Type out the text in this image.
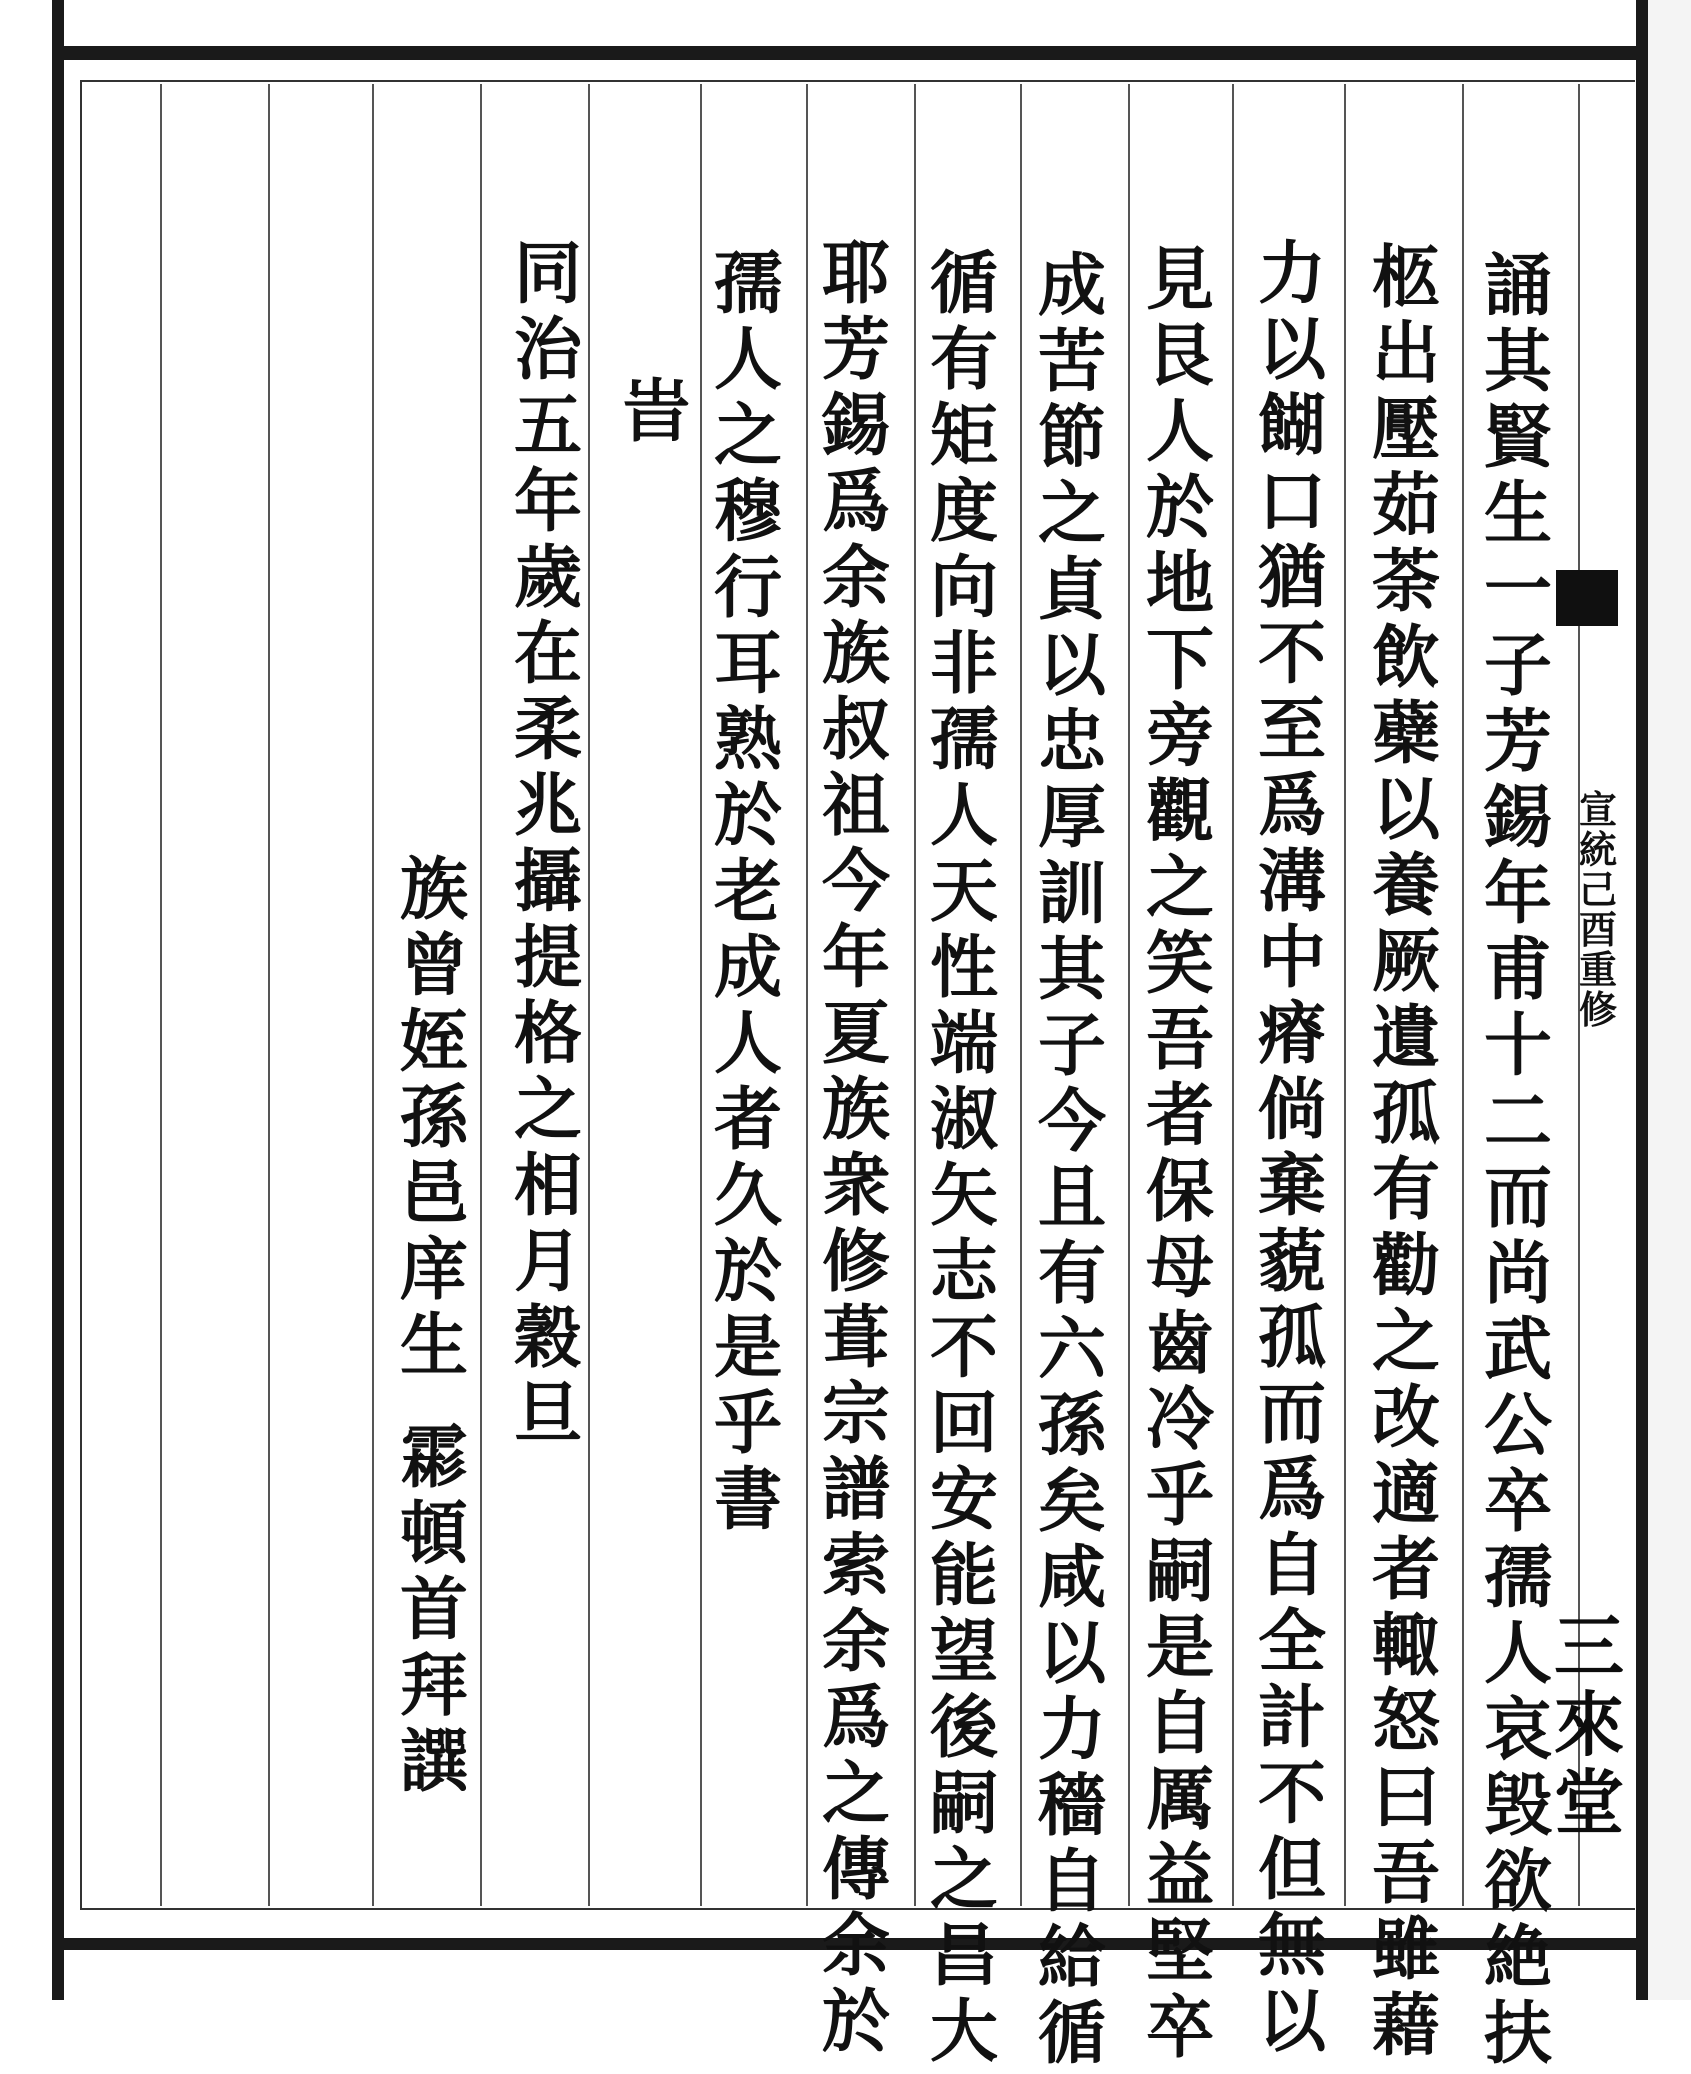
宣統己酉重修
三來堂
誦其賢生一子芳錫年甫十二而尚武公卒孺人哀毁欲絶扶
柩出壓茹荼飲蘗以養厥遺孤有勸之改適者輙怒曰吾雖藉
力以餬口猶不至爲溝中瘠倘棄藐孤而爲自全計不但無以
見艮人於地下旁觀之笑吾者保母齒冷乎嗣是自厲益堅卒
成苦節之貞以忠厚訓其子今且有六孫矣咸以力穡自給循
循有矩度向非孺人天性端淑矢志不回安能望後嗣之昌大
耶芳錫爲余族叔祖今年夏族衆修葺宗譜索余爲之傳余於
孺人之穆行耳熟於老成人者久於是乎書
旹
同治五年歲在柔兆攝提格之相月穀旦
族曾姪孫邑庠生
霦頓首拜譔
